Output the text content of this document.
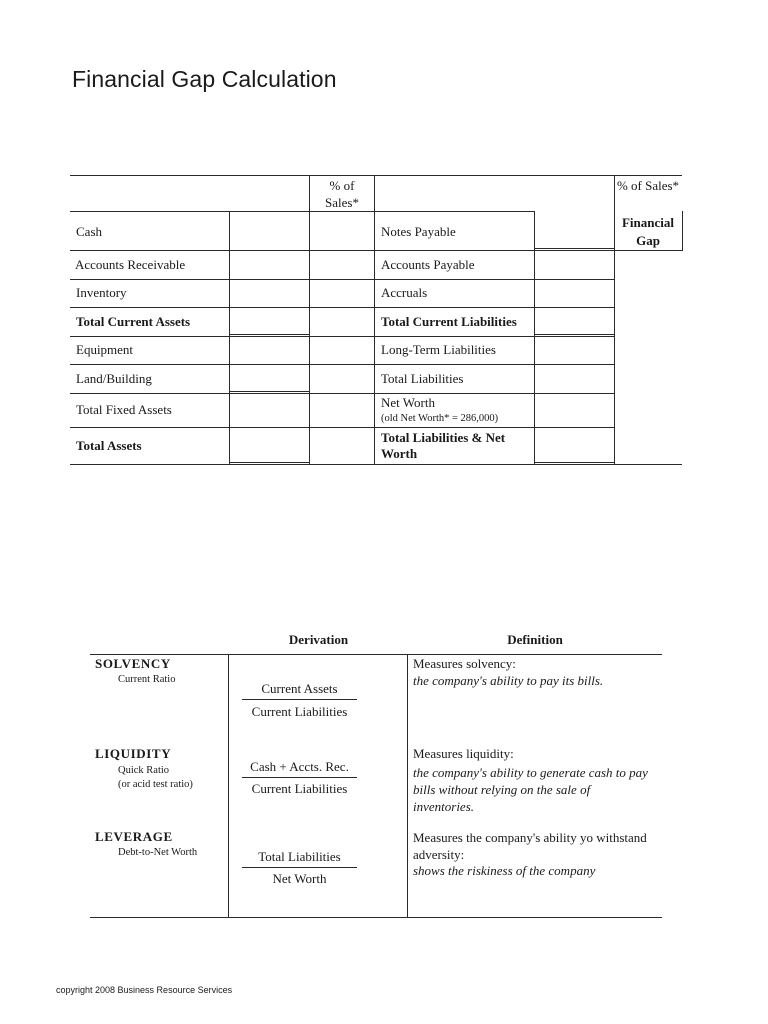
Financial Gap Calculation
% of Sales*
% of Sales*
Financial Gap
Cash
Accounts Receivable
Inventory
Total Current Assets
Equipment
Land/Building
Total Fixed Assets
Total Assets
Notes Payable
Accounts Payable
Accruals
Total Current Liabilities
Long-Term Liabilities
Total Liabilities
Net Worth
(old Net Worth* = 286,000)
Total Liabilities & Net Worth
Derivation	Definition
SOLVENCY
Current Ratio
Current Assets
Current Liabilities
Measures solvency:
the company's ability to pay its bills.
LIQUIDITY
Quick Ratio
(or acid test ratio)
Cash + Accts. Rec.
Current Liabilities
Measures liquidity:
the company's ability to generate cash to pay bills without relying on the sale of inventories.
LEVERAGE
Debt-to-Net Worth	Total Liabilities
Net Worth
Measures the company's ability yo withstand adversity:
shows the riskiness of the company
copyright 2008 Business Resource Services
